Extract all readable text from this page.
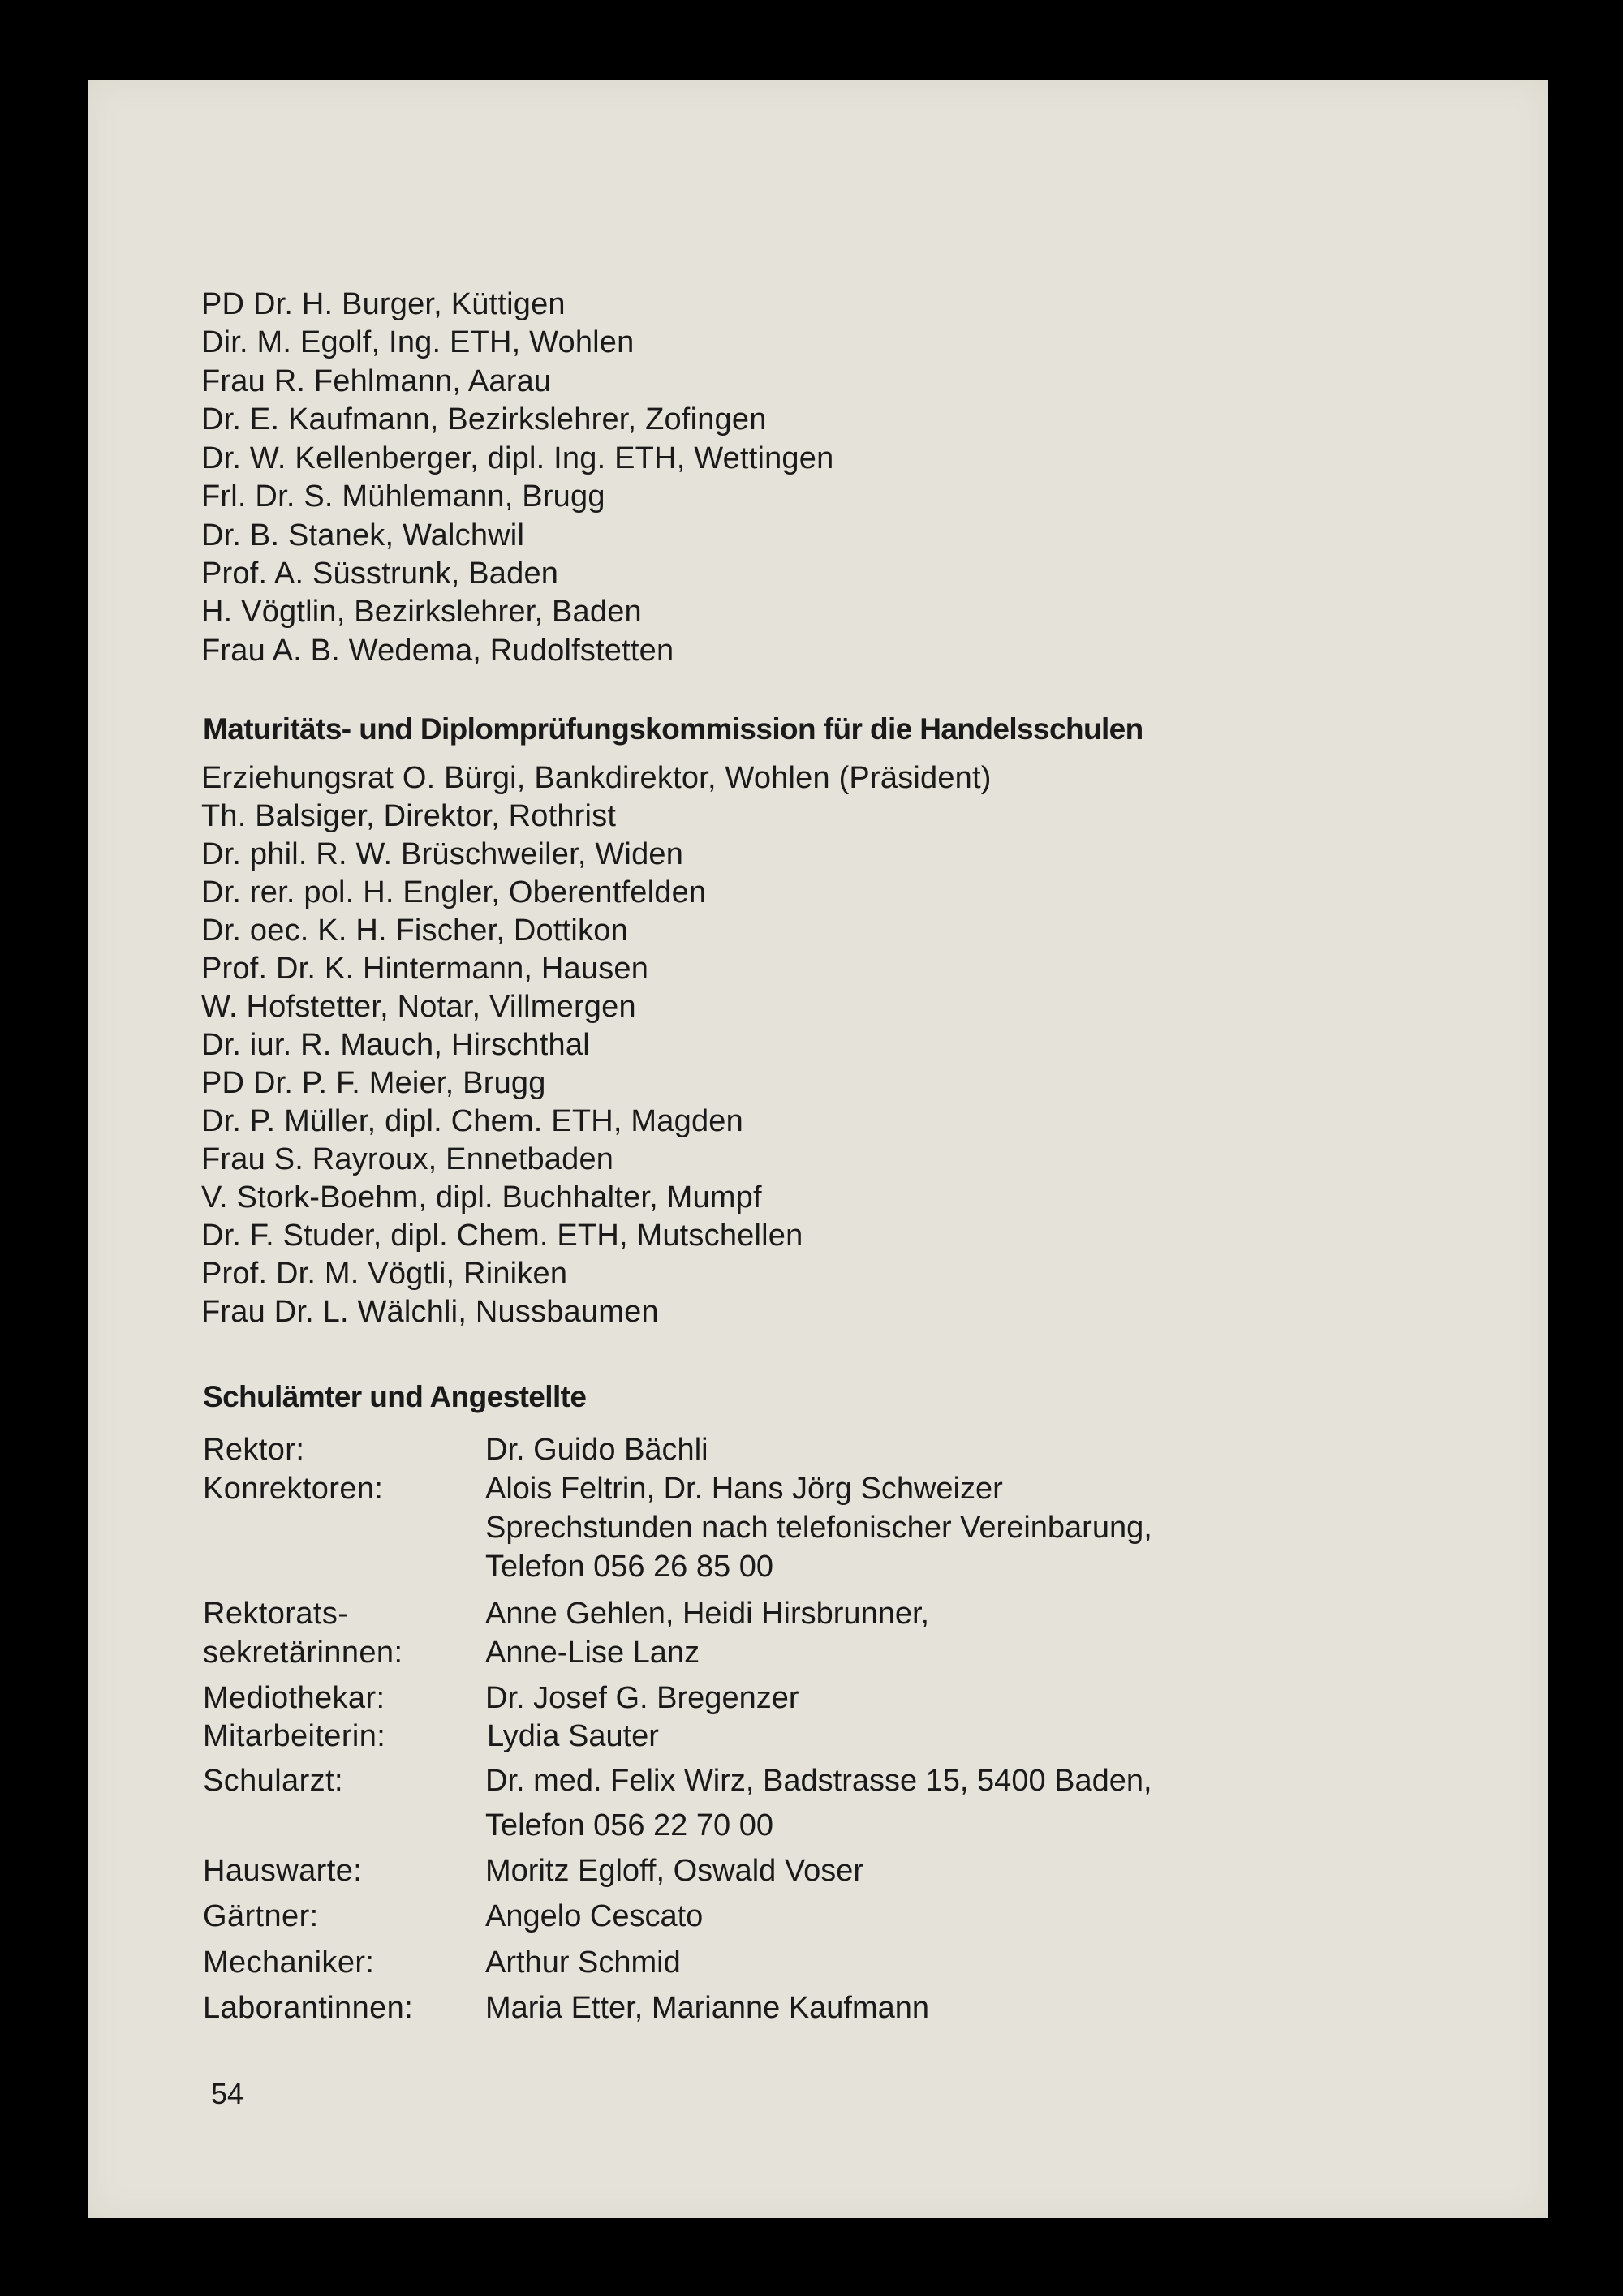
PD Dr. H. Burger, Küttigen
Dir. M. Egolf, Ing. ETH, Wohlen
Frau R. Fehlmann, Aarau
Dr. E. Kaufmann, Bezirkslehrer, Zofingen
Dr. W. Kellenberger, dipl. Ing. ETH, Wettingen
Frl. Dr. S. Mühlemann, Brugg
Dr. B. Stanek, Walchwil
Prof. A. Süsstrunk, Baden
H. Vögtlin, Bezirkslehrer, Baden
Frau A. B. Wedema, Rudolfstetten
Maturitäts- und Diplomprüfungskommission für die Handelsschulen
Erziehungsrat O. Bürgi, Bankdirektor, Wohlen (Präsident)
Th. Balsiger, Direktor, Rothrist
Dr. phil. R. W. Brüschweiler, Widen
Dr. rer. pol. H. Engler, Oberentfelden
Dr. oec. K. H. Fischer, Dottikon
Prof. Dr. K. Hintermann, Hausen
W. Hofstetter, Notar, Villmergen
Dr. iur. R. Mauch, Hirschthal
PD Dr. P. F. Meier, Brugg
Dr. P. Müller, dipl. Chem. ETH, Magden
Frau S. Rayroux, Ennetbaden
V. Stork-Boehm, dipl. Buchhalter, Mumpf
Dr. F. Studer, dipl. Chem. ETH, Mutschellen
Prof. Dr. M. Vögtli, Riniken
Frau Dr. L. Wälchli, Nussbaumen
Schulämter und Angestellte
Rektor:	Dr. Guido Bächli
Konrektoren:	Alois Feltrin, Dr. Hans Jörg Schweizer
Sprechstunden nach telefonischer Vereinbarung,
Telefon 056 26 85 00
Rektorats-	Anne Gehlen, Heidi Hirsbrunner,
sekretärinnen:	Anne-Lise Lanz
Mediothekar:	Dr. Josef G. Bregenzer
Mitarbeiterin:	Lydia Sauter
Schularzt:	Dr. med. Felix Wirz, Badstrasse 15, 5400 Baden,
Telefon 056 22 70 00
Hauswarte:	Moritz Egloff, Oswald Voser
Gärtner:	Angelo Cescato
Mechaniker:	Arthur Schmid
Laborantinnen: Maria Etter, Marianne Kaufmann
54
